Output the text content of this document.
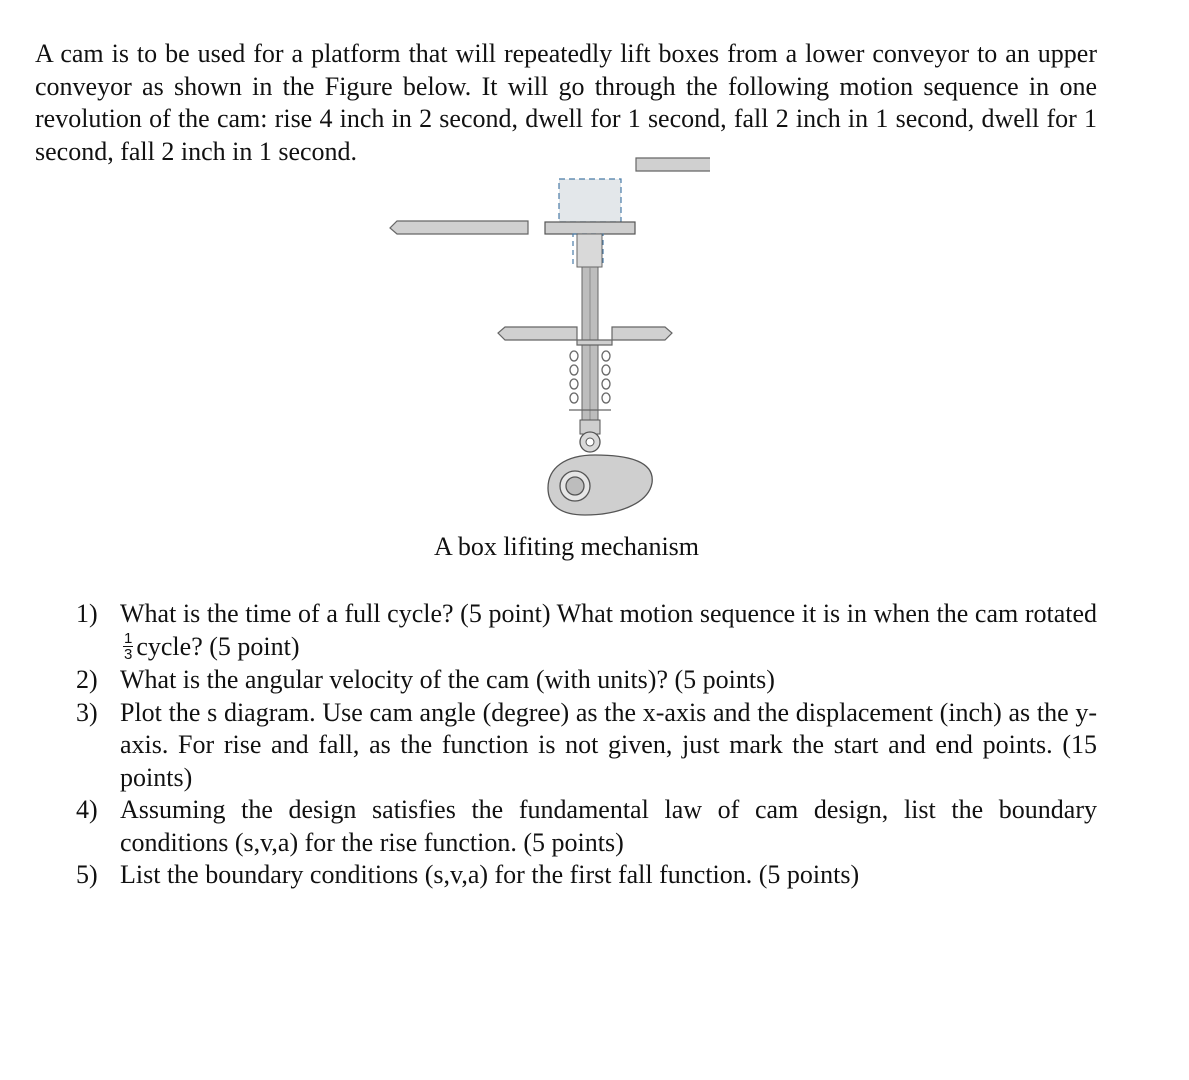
A cam is to be used for a platform that will repeatedly lift boxes from a lower conveyor to an upper conveyor as shown in the Figure below. It will go through the following motion sequence in one revolution of the cam: rise 4 inch in 2 second, dwell for 1 second, fall 2 inch in 1 second, dwell for 1 second, fall 2 inch in 1 second.

A box lifiting mechanism
1) What is the time of a full cycle? (5 point) What motion sequence it is in when the cam rotated
$\frac{1}{3}$ cycle? (5 point)
2) What is the angular velocity of the cam (with units)? (5 points)
3) Plot the s diagram. Use cam angle (degree) as the x-axis and the displacement (inch) as the y-axis. For rise and fall, as the function is not given, just mark the start and end points. (15 points)
4) Assuming the design satisfies the fundamental law of cam design, list the boundary conditions (s,v,a) for the rise function. (5 points)
5) List the boundary conditions (s,v,a) for the first fall function. (5 points)
